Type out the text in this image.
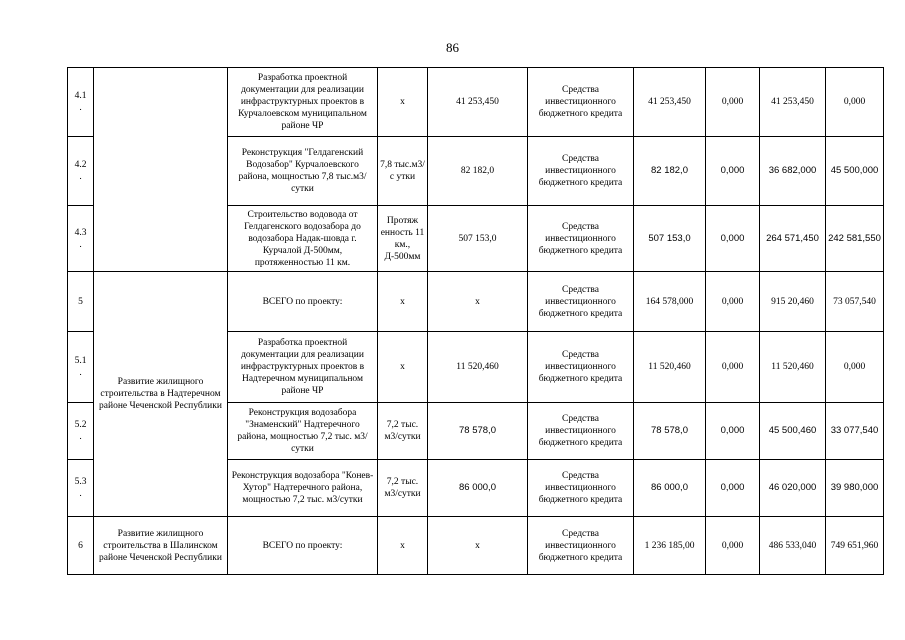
86
4.1
.		Разработка проектной документации для реализации инфраструктурных проектов в Курчалоевском муниципальном районе ЧР	х	41 253,450	Средства инвестиционного бюджетного кредита	41 253,450	0,000	41 253,450	0,000

4.2
.		Реконструкция "Гелдагенский Водозабор" Курчалоевского района, мощностью 7,8 тыс.м3/сутки	7,8 тыс.м3/с утки	82 182,0	Средства инвестиционного бюджетного кредита	82 182,0	0,000	36 682,000	45 500,000

4.3
.		Строительство водовода от Гелдагенского водозабора до водозабора Надак-шовда г. Курчалой Д-500мм, протяженностью 11 км.	Протяж енность 11 км., Д-500мм	507 153,0	Средства инвестиционного бюджетного кредита	507 153,0	0,000	264 571,450	242 581,550

5	Развитие жилищного строительства в Надтеречном районе Чеченской Республики	ВСЕГО по проекту:	х	х	Средства инвестиционного бюджетного кредита	164 578,000	0,000	915 20,460	73 057,540

5.1
.		Разработка проектной документации для реализации инфраструктурных проектов в Надтеречном муниципальном районе ЧР	х	11 520,460	Средства инвестиционного бюджетного кредита	11 520,460	0,000	11 520,460	0,000

5.2
.		Реконструкция водозабора "Знаменский" Надтеречного района, мощностью 7,2 тыс. м3/сутки	7,2 тыс. м3/сутки	78 578,0	Средства инвестиционного бюджетного кредита	78 578,0	0,000	45 500,460	33 077,540

5.3
.		Реконструкция водозабора "Конев-Хутор" Надтеречного района, мощностью 7,2 тыс. м3/сутки	7,2 тыс. м3/сутки	86 000,0	Средства инвестиционного бюджетного кредита	86 000,0	0,000	46 020,000	39 980,000

6	Развитие жилищного строительства в Шалинском районе Чеченской Республики	ВСЕГО по проекту:	х	х	Средства инвестиционного бюджетного кредита	1 236 185,00	0,000	486 533,040	749 651,960
